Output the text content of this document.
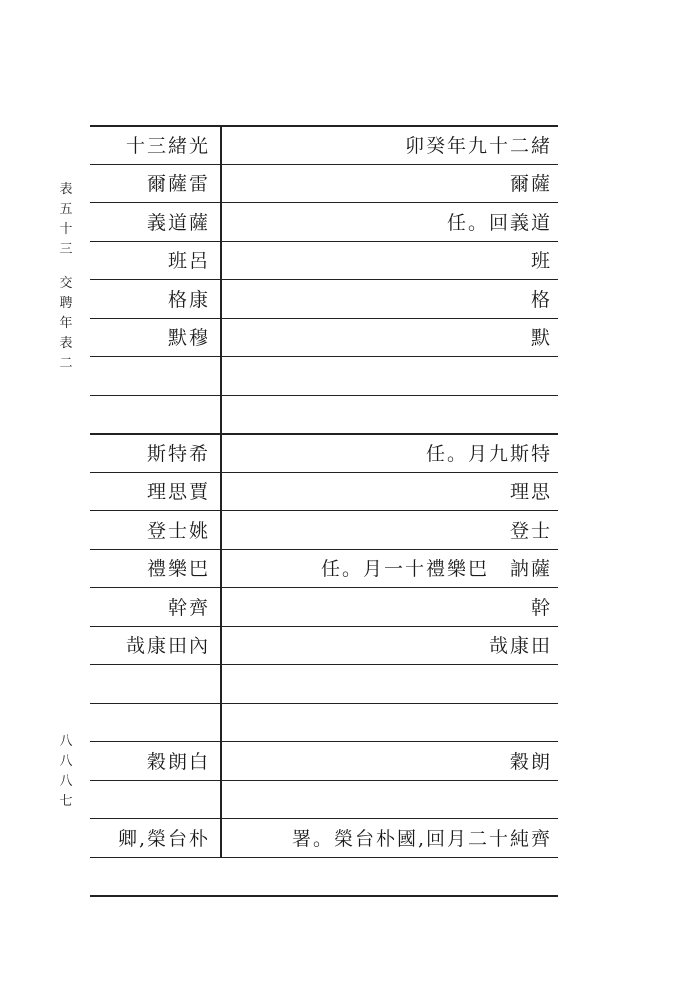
表
五
十
三
交
聘
年
表
二
八
八
八
七
十三緒光	卯癸年九十二緒
爾薩雷	爾薩
義道薩	任。回義道
班呂	班
格康	格
默穆	默
斯特希	任。月九斯特
理思賈	理思
登士姚	登士
禮樂巴	任。月一十禮樂巴　訥薩
幹齊	幹
哉康田內	哉康田
穀朗白	穀朗
卿,榮台朴	署。榮台朴國,回月二十純齊
